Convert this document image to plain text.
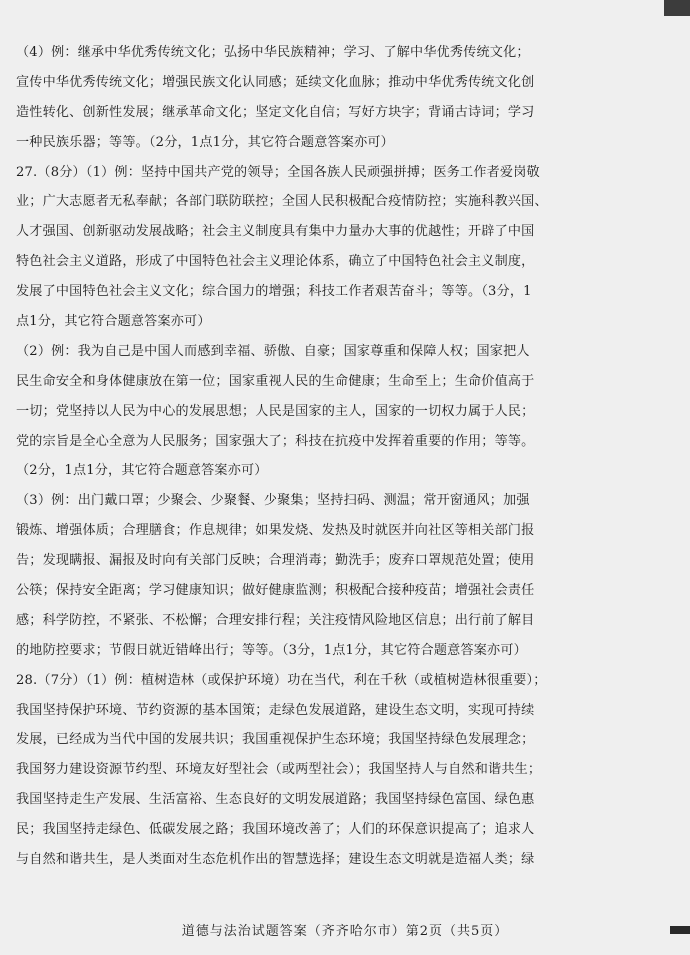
（4）例：继承中华优秀传统文化；弘扬中华民族精神；学习、了解中华优秀传统文化；
宣传中华优秀传统文化；增强民族文化认同感；延续文化血脉；推动中华优秀传统文化创
造性转化、创新性发展；继承革命文化；坚定文化自信；写好方块字；背诵古诗词；学习
一种民族乐器；等等。（2分，1点1分，其它符合题意答案亦可）
27.（8分）（1）例：坚持中国共产党的领导；全国各族人民顽强拼搏；医务工作者爱岗敬
业；广大志愿者无私奉献；各部门联防联控；全国人民积极配合疫情防控；实施科教兴国、
人才强国、创新驱动发展战略；社会主义制度具有集中力量办大事的优越性；开辟了中国
特色社会主义道路，形成了中国特色社会主义理论体系，确立了中国特色社会主义制度，
发展了中国特色社会主义文化；综合国力的增强；科技工作者艰苦奋斗；等等。（3分，1
点1分，其它符合题意答案亦可）
（2）例：我为自己是中国人而感到幸福、骄傲、自豪；国家尊重和保障人权；国家把人
民生命安全和身体健康放在第一位；国家重视人民的生命健康；生命至上；生命价值高于
一切；党坚持以人民为中心的发展思想；人民是国家的主人，国家的一切权力属于人民；
党的宗旨是全心全意为人民服务；国家强大了；科技在抗疫中发挥着重要的作用；等等。
（2分，1点1分，其它符合题意答案亦可）
（3）例：出门戴口罩；少聚会、少聚餐、少聚集；坚持扫码、测温；常开窗通风；加强
锻炼、增强体质；合理膳食；作息规律；如果发烧、发热及时就医并向社区等相关部门报
告；发现瞒报、漏报及时向有关部门反映；合理消毒；勤洗手；废弃口罩规范处置；使用
公筷；保持安全距离；学习健康知识；做好健康监测；积极配合接种疫苗；增强社会责任
感；科学防控，不紧张、不松懈；合理安排行程；关注疫情风险地区信息；出行前了解目
的地防控要求；节假日就近错峰出行；等等。（3分，1点1分，其它符合题意答案亦可）
28.（7分）（1）例：植树造林（或保护环境）功在当代，利在千秋（或植树造林很重要）；
我国坚持保护环境、节约资源的基本国策；走绿色发展道路，建设生态文明，实现可持续
发展，已经成为当代中国的发展共识；我国重视保护生态环境；我国坚持绿色发展理念；
我国努力建设资源节约型、环境友好型社会（或两型社会）；我国坚持人与自然和谐共生；
我国坚持走生产发展、生活富裕、生态良好的文明发展道路；我国坚持绿色富国、绿色惠
民；我国坚持走绿色、低碳发展之路；我国环境改善了；人们的环保意识提高了；追求人
与自然和谐共生，是人类面对生态危机作出的智慧选择；建设生态文明就是造福人类；绿
道德与法治试题答案（齐齐哈尔市）第2页（共5页）
